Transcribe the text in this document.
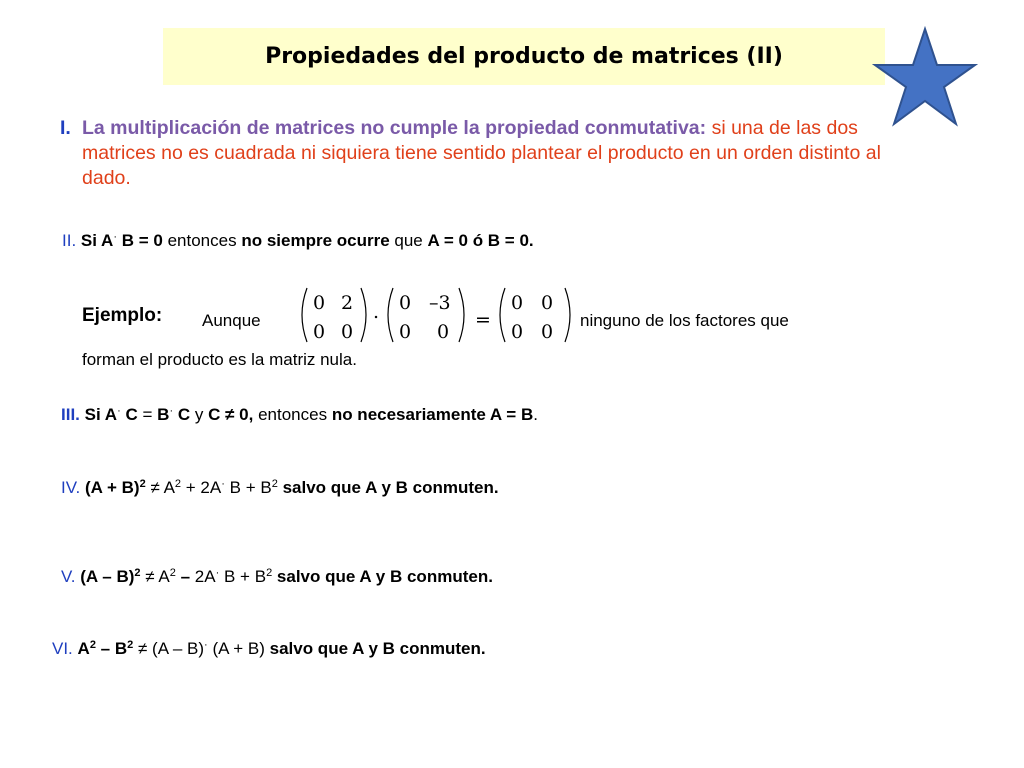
Propiedades del producto de matrices (II)
I. La multiplicación de matrices no cumple la propiedad conmutativa: si una de las dos matrices no es cuadrada ni siquiera tiene sentido plantear el producto en un orden distinto al dado.
II. Si A· B = 0 entonces no siempre ocurre que A = 0 ó B = 0.
Ejemplo: Aunque
0 2
0 0
. 0 –3
0 0
=
0 0
0 0
ninguno de los factores que
forman el producto es la matriz nula.
III. Si A· C = B· C y C ≠ 0, entonces no necesariamente A = B.
IV. $(A + B)^2 \ne A^2 + 2A^\cdot$ $B + B^2$ salvo que A y B conmuten.
V. $(A - B)^2 \ne A^2 - 2A^\cdot$ $B + B^2$ salvo que A y B conmuten.
VI. $A^2 - B^2 \ne (A - B)^\cdot$ (A + B) salvo que A y B conmuten.
